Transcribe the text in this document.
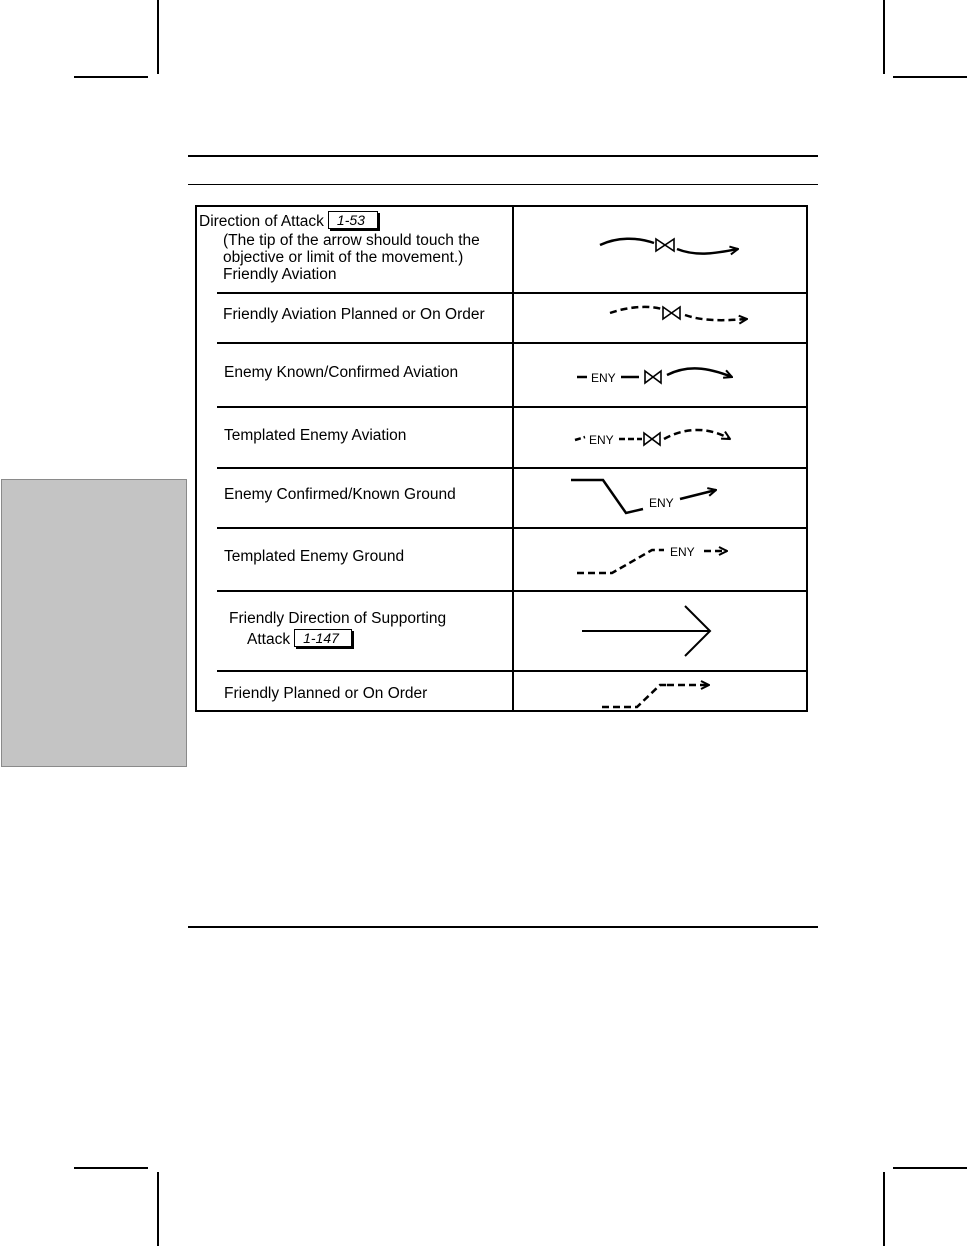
Direction of Attack 1-53
(The tip of the arrow should touch the
objective or limit of the movement.)
Friendly Aviation
Friendly Aviation Planned or On Order
Enemy Known/Confirmed Aviation
Templated Enemy Aviation
Enemy Confirmed/Known Ground
Templated Enemy Ground
Friendly Direction of Supporting
Attack 1-147
Friendly Planned or On Order
ENY
ENY
ENY
ENY
